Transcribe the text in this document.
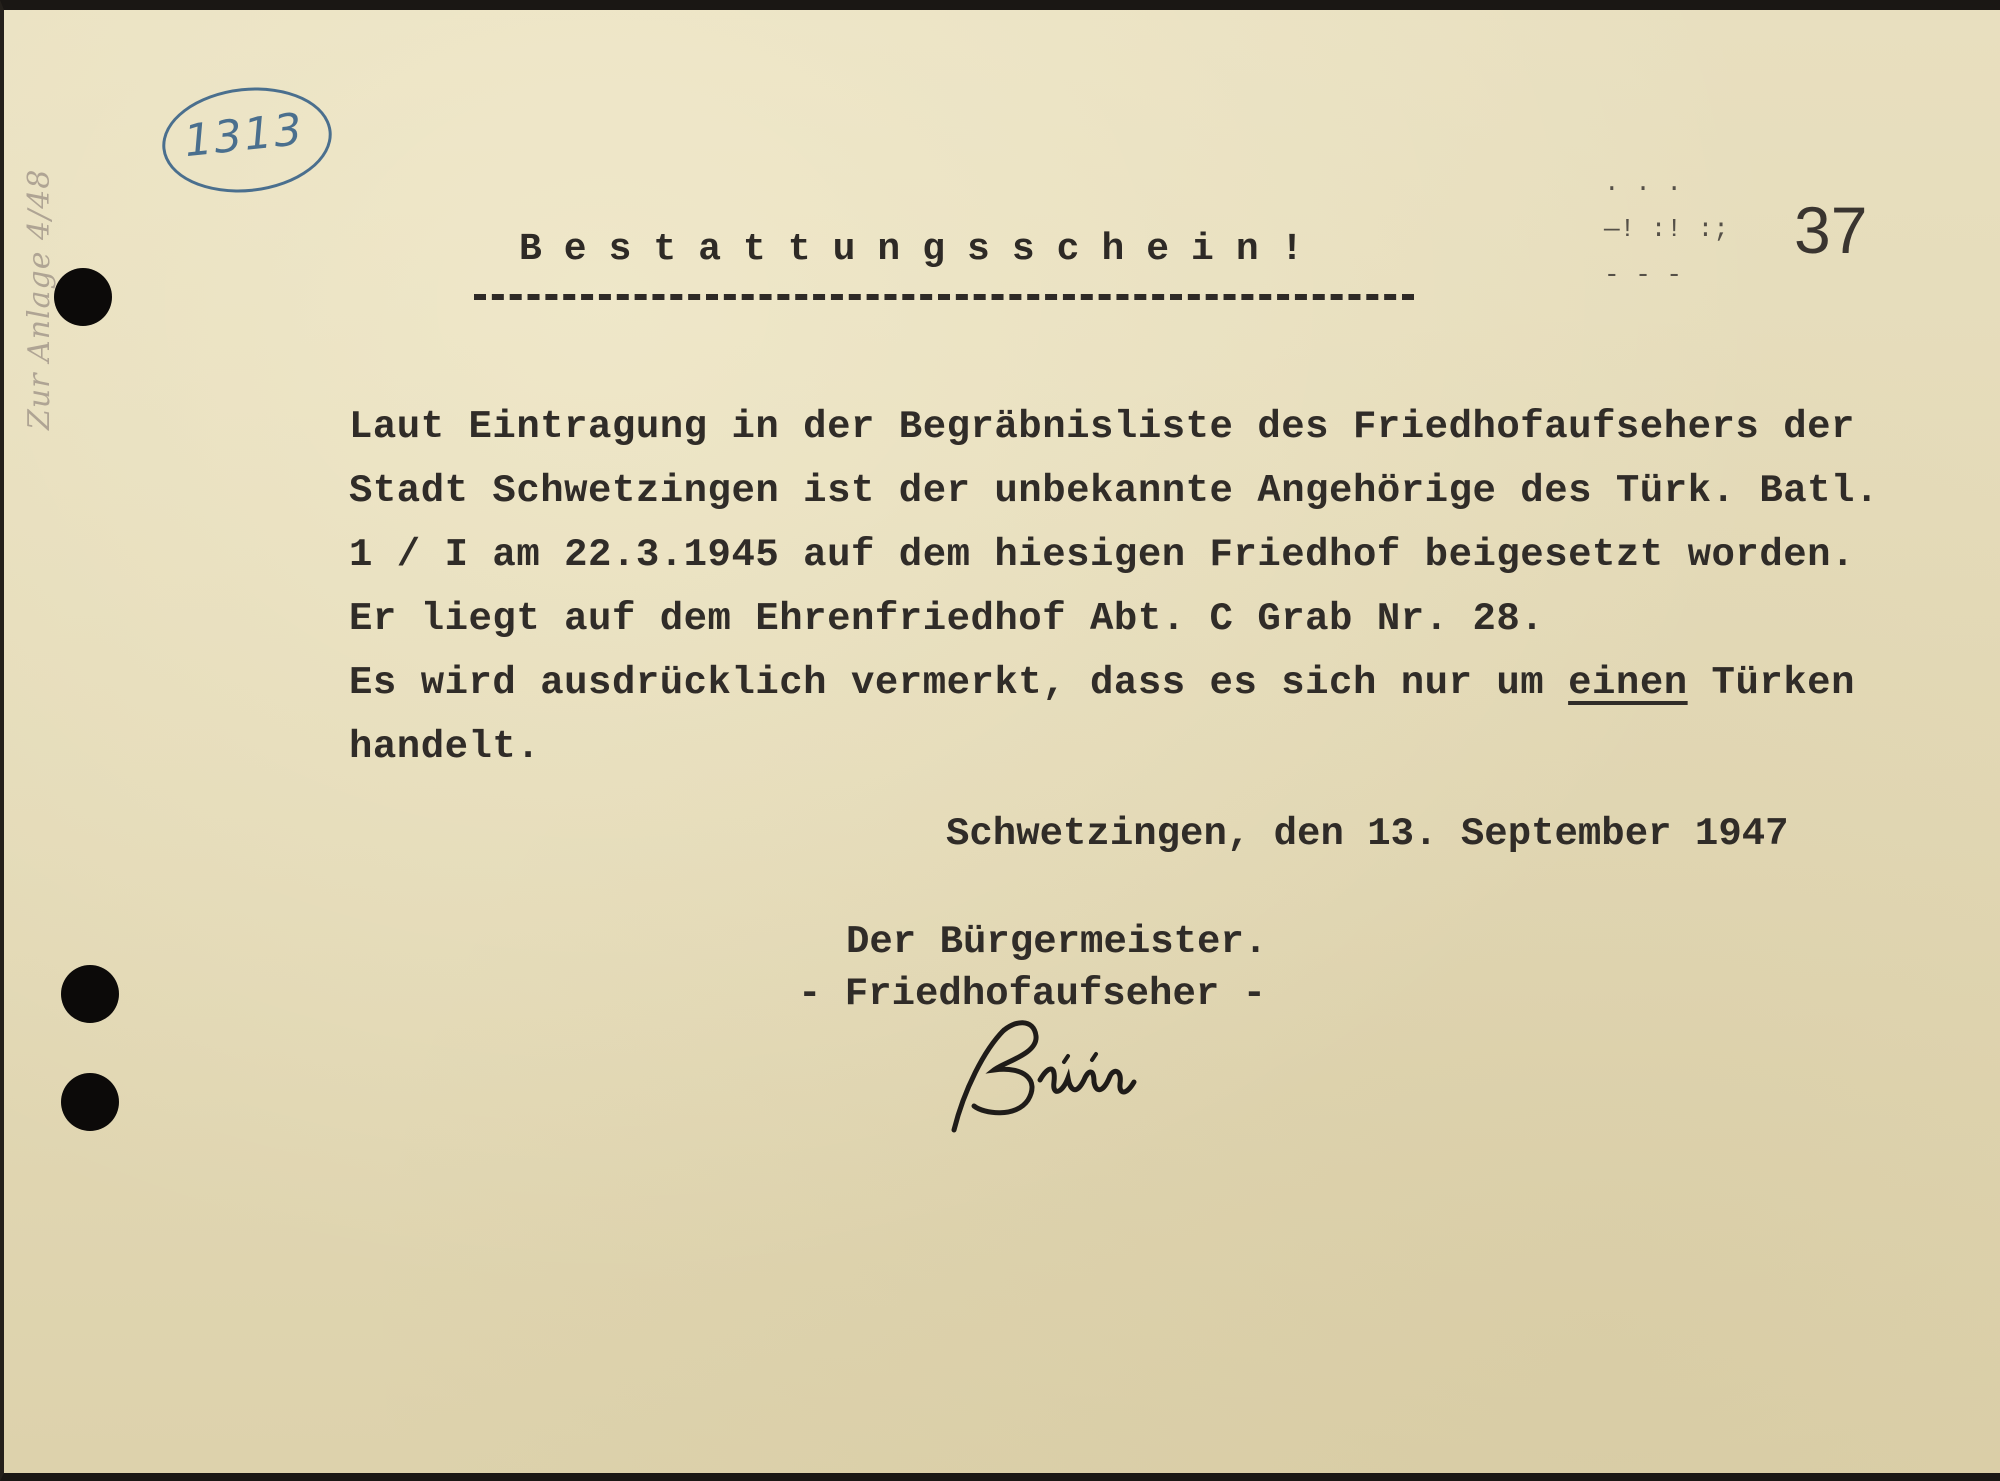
1313
Zur Anlage 4/48	Bestattungsschein!
. . .
—! :! :;
- - -
37
Laut Eintragung in der Begräbnisliste des Friedhofaufsehers der
Stadt Schwetzingen ist der unbekannte Angehörige des Türk. Batl.
1 / I am 22.3.1945 auf dem hiesigen Friedhof beigesetzt worden.
Er liegt auf dem Ehrenfriedhof Abt. C Grab Nr. 28.
Es wird ausdrücklich vermerkt, dass es sich nur um einen Türken
handelt.
Schwetzingen, den 13. September 1947
Der Bürgermeister.
- Friedhofaufseher -
